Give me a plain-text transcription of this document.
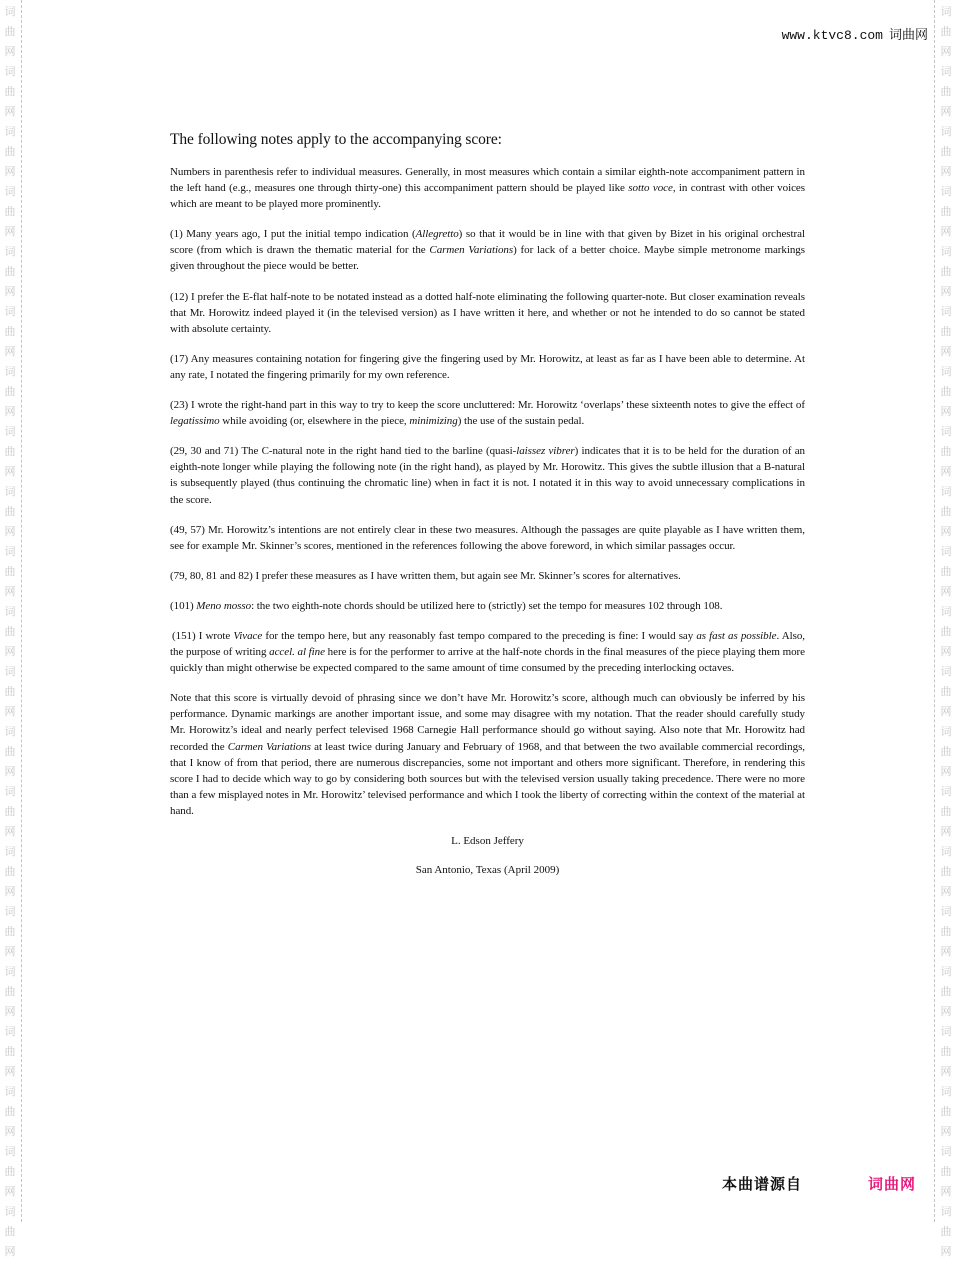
词
曲
网
词
曲
网
词
曲
网
词
曲
网
词
曲
网
词
曲
网
词
曲
网
词
曲
网
词
曲
网
词
曲
网
词
曲
网
词
曲
网
词
曲
网
词
曲
网
词
曲
网
词
曲
网
词
曲
网
词
曲
网
词
曲
网
词
曲
网
词
曲
网
词
曲
网
词
曲
网
词
曲
网
词
曲
网
词
曲
网
词
曲
网
词
曲
网
词
曲
网
词
曲
网
词
曲
网
词
曲
网
词
曲
网
词
曲
网
词
曲
网
词
曲
网
词
曲
网
词
曲
网
词
曲
网
词
曲
网
词
曲
网
词
曲
网
www.ktvc8.com 词曲网
The following notes apply to the accompanying score:

Numbers in parenthesis refer to individual measures. Generally, in most measures which contain a similar eighth-note accompaniment pattern in the left hand (e.g., measures one through thirty-one) this accompaniment pattern should be played like sotto voce, in contrast with other voices which are meant to be played more prominently.

(1) Many years ago, I put the initial tempo indication (Allegretto) so that it would be in line with that given by Bizet in his original orchestral score (from which is drawn the thematic material for the Carmen Variations) for lack of a better choice. Maybe simple metronome markings given throughout the piece would be better.

(12) I prefer the E-flat half-note to be notated instead as a dotted half-note eliminating the following quarter-note. But closer examination reveals that Mr. Horowitz indeed played it (in the televised version) as I have written it here, and whether or not he intended to do so cannot be stated with absolute certainty.

(17) Any measures containing notation for fingering give the fingering used by Mr. Horowitz, at least as far as I have been able to determine. At any rate, I notated the fingering primarily for my own reference.

(23) I wrote the right-hand part in this way to try to keep the score uncluttered: Mr. Horowitz ‘overlaps’ these sixteenth notes to give the effect of legatissimo while avoiding (or, elsewhere in the piece, minimizing) the use of the sustain pedal.

(29, 30 and 71) The C-natural note in the right hand tied to the barline (quasi-laissez vibrer) indicates that it is to be held for the duration of an eighth-note longer while playing the following note (in the right hand), as played by Mr. Horowitz. This gives the subtle illusion that a B-natural is subsequently played (thus continuing the chromatic line) when in fact it is not. I notated it in this way to avoid unnecessary complications in the score.

(49, 57) Mr. Horowitz’s intentions are not entirely clear in these two measures. Although the passages are quite playable as I have written them, see for example Mr. Skinner’s scores, mentioned in the references following the above foreword, in which similar passages occur.

(79, 80, 81 and 82) I prefer these measures as I have written them, but again see Mr. Skinner’s scores for alternatives.

(101) Meno mosso: the two eighth-note chords should be utilized here to (strictly) set the tempo for measures 102 through 108.

(151) I wrote Vivace for the tempo here, but any reasonably fast tempo compared to the preceding is fine: I would say as fast as possible. Also, the purpose of writing accel. al fine here is for the performer to arrive at the half-note chords in the final measures of the piece playing them more quickly than might otherwise be expected compared to the same amount of time consumed by the preceding interlocking octaves.

Note that this score is virtually devoid of phrasing since we don’t have Mr. Horowitz’s score, although much can obviously be inferred by his performance. Dynamic markings are another important issue, and some may disagree with my notation. That the reader should carefully study Mr. Horowitz’s ideal and nearly perfect televised 1968 Carnegie Hall performance should go without saying. Also note that Mr. Horowitz had recorded the Carmen Variations at least twice during January and February of 1968, and that between the two available commercial recordings, that I know of from that period, there are numerous discrepancies, some not important and others more significant. Therefore, in rendering this score I had to decide which way to go by considering both sources but with the televised version usually taking precedence. There were no more than a few misplayed notes in Mr. Horowitz’ televised performance and which I took the liberty of correcting within the context of the material at hand.

L. Edson Jeffery
San Antonio, Texas (April 2009)
本曲谱源自	词曲网
